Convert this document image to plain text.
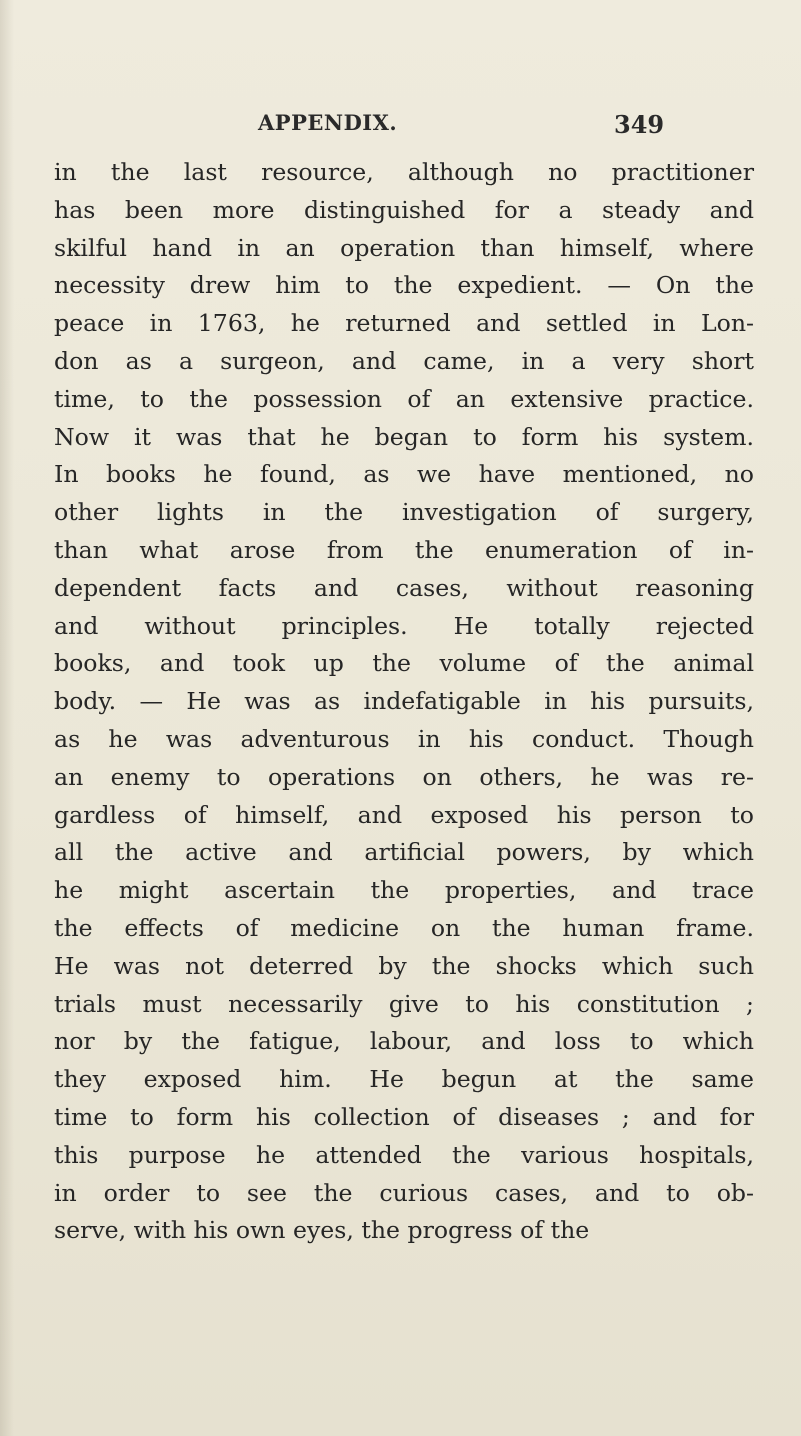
APPENDIX.	349
in the last resource, although no practitioner
has been more distinguished for a steady and
skilful hand in an operation than himself, where
necessity drew him to the expedient. — On the
peace in 1763, he returned and settled in Lon-
don as a surgeon, and came, in a very short
time, to the possession of an extensive practice.
Now it was that he began to form his system.
In books he found, as we have mentioned, no
other lights in the investigation of surgery,
than what arose from the enumeration of in-
dependent facts and cases, without reasoning
and without principles. He totally rejected
books, and took up the volume of the animal
body. — He was as indefatigable in his pursuits,
as he was adventurous in his conduct. Though
an enemy to operations on others, he was re-
gardless of himself, and exposed his person to
all the active and artificial powers, by which
he might ascertain the properties, and trace
the effects of medicine on the human frame.
He was not deterred by the shocks which such
trials must necessarily give to his constitution ;
nor by the fatigue, labour, and loss to which
they exposed him. He begun at the same
time to form his collection of diseases ; and for
this purpose he attended the various hospitals,
in order to see the curious cases, and to ob-
serve, with his own eyes, the progress of the
